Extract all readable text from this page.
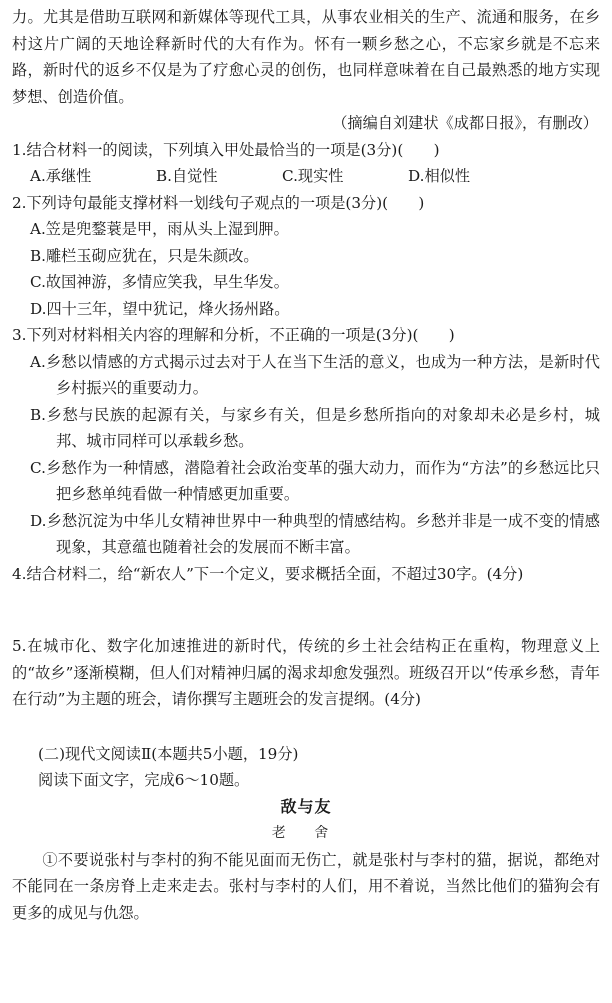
力。尤其是借助互联网和新媒体等现代工具，从事农业相关的生产、流通和服务，在乡村这片广阔的天地诠释新时代的大有作为。怀有一颗乡愁之心，不忘家乡就是不忘来路，新时代的返乡不仅是为了疗愈心灵的创伤，也同样意味着在自己最熟悉的地方实现梦想、创造价值。

（摘编自刘建状《成都日报》，有删改）

1.结合材料一的阅读，下列填入甲处最恰当的一项是(3分)(　　)

A.承继性	B.自觉性	C.现实性	D.相似性

2.下列诗句最能支撑材料一划线句子观点的一项是(3分)(　　)

A.笠是兜鍪蓑是甲，雨从头上湿到胛。

B.雕栏玉砌应犹在，只是朱颜改。

C.故国神游，多情应笑我，早生华发。

D.四十三年，望中犹记，烽火扬州路。

3.下列对材料相关内容的理解和分析，不正确的一项是(3分)(　　)

A.乡愁以情感的方式揭示过去对于人在当下生活的意义，也成为一种方法，是新时代乡村振兴的重要动力。

B.乡愁与民族的起源有关，与家乡有关，但是乡愁所指向的对象却未必是乡村，城邦、城市同样可以承载乡愁。

C.乡愁作为一种情感，潜隐着社会政治变革的强大动力，而作为“方法”的乡愁远比只把乡愁单纯看做一种情感更加重要。

D.乡愁沉淀为中华儿女精神世界中一种典型的情感结构。乡愁并非是一成不变的情感现象，其意蕴也随着社会的发展而不断丰富。

4.结合材料二，给“新农人”下一个定义，要求概括全面，不超过30字。(4分)

5.在城市化、数字化加速推进的新时代，传统的乡土社会结构正在重构，物理意义上的“故乡”逐渐模糊，但人们对精神归属的渴求却愈发强烈。班级召开以“传承乡愁，青年在行动”为主题的班会，请你撰写主题班会的发言提纲。(4分)

(二)现代文阅读Ⅱ(本题共5小题，19分)

阅读下面文字，完成6～10题。

敌与友

老 舍

①不要说张村与李村的狗不能见面而无伤亡，就是张村与李村的猫，据说，都绝对不能同在一条房脊上走来走去。张村与李村的人们，用不着说，当然比他们的猫狗会有更多的成见与仇怨。
